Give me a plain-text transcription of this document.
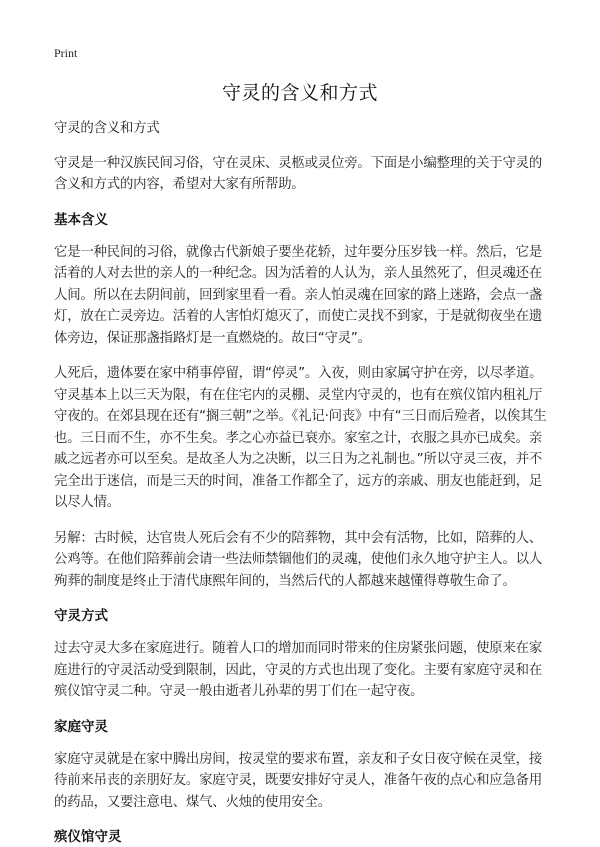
Print
守灵的含义和方式

守灵的含义和方式

守灵是一种汉族民间习俗，守在灵床、灵柩或灵位旁。下面是小编整理的关于守灵的含义和方式的内容，希望对大家有所帮助。

基本含义

它是一种民间的习俗，就像古代新娘子要坐花轿，过年要分压岁钱一样。然后，它是活着的人对去世的亲人的一种纪念。因为活着的人认为，亲人虽然死了，但灵魂还在人间。所以在去阴间前，回到家里看一看。亲人怕灵魂在回家的路上迷路，会点一盏灯，放在亡灵旁边。活着的人害怕灯熄灭了，而使亡灵找不到家，于是就彻夜坐在遗体旁边，保证那盏指路灯是一直燃烧的。故曰“守灵”。

人死后，遗体要在家中稍事停留，谓“停灵”。入夜，则由家属守护在旁，以尽孝道。守灵基本上以三天为限，有在住宅内的灵棚、灵堂内守灵的，也有在殡仪馆内租礼厅守夜的。在郊县现在还有“搁三朝”之举。《礼记·问丧》中有“三日而后殓者，以俟其生也。三日而不生，亦不生矣。孝之心亦益已衰亦。家室之计，衣服之具亦已成矣。亲戚之远者亦可以至矣。是故圣人为之决断，以三日为之礼制也。”所以守灵三夜，并不完全出于迷信，而是三天的时间，准备工作都全了，远方的亲戚、朋友也能赶到，足以尽人情。

另解：古时候，达官贵人死后会有不少的陪葬物，其中会有活物，比如，陪葬的人、公鸡等。在他们陪葬前会请一些法师禁锢他们的灵魂，使他们永久地守护主人。以人殉葬的制度是终止于清代康熙年间的，当然后代的人都越来越懂得尊敬生命了。

守灵方式

过去守灵大多在家庭进行。随着人口的增加而同时带来的住房紧张问题，使原来在家庭进行的守灵活动受到限制，因此，守灵的方式也出现了变化。主要有家庭守灵和在殡仪馆守灵二种。守灵一般由逝者儿孙辈的男丁们在一起守夜。

家庭守灵

家庭守灵就是在家中腾出房间，按灵堂的要求布置，亲友和子女日夜守候在灵堂，接待前来吊丧的亲朋好友。家庭守灵，既要安排好守灵人，准备午夜的点心和应急备用的药品，又要注意电、煤气、火烛的使用安全。

殡仪馆守灵
